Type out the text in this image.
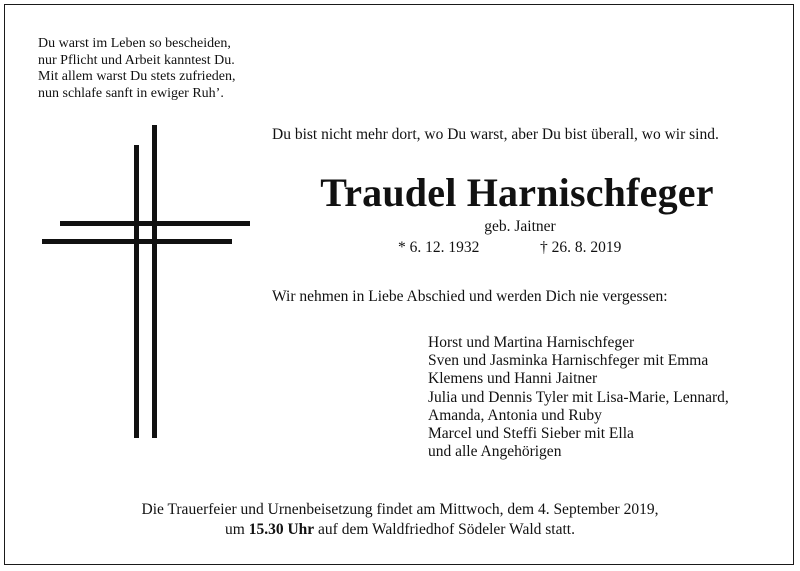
Du warst im Leben so bescheiden,
nur Pflicht und Arbeit kanntest Du.
Mit allem warst Du stets zufrieden,
nun schlafe sanft in ewiger Ruh’.
Du bist nicht mehr dort, wo Du warst, aber Du bist überall, wo wir sind.
Traudel Harnischfeger
geb. Jaitner
* 6. 12. 1932	† 26. 8. 2019
Wir nehmen in Liebe Abschied und werden Dich nie vergessen:
Horst und Martina Harnischfeger
Sven und Jasminka Harnischfeger mit Emma
Klemens und Hanni Jaitner
Julia und Dennis Tyler mit Lisa-Marie, Lennard,
Amanda, Antonia und Ruby
Marcel und Steffi Sieber mit Ella
und alle Angehörigen
Die Trauerfeier und Urnenbeisetzung findet am Mittwoch, dem 4. September 2019,
um 15.30 Uhr auf dem Waldfriedhof Södeler Wald statt.
